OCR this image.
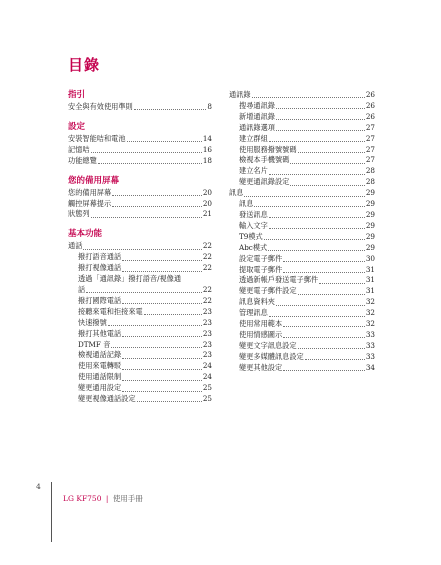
目錄
指引
安全與有效使用準則	8
設定
安裝智能咭和電池	14
記憶咭	16
功能總覽	18
您的備用屏幕
您的備用屏幕	20
觸控屏幕提示	20
狀態列	21
基本功能
通話	22
撥打語音通話	22
撥打視像通話	22
透過「通訊錄」撥打語音/視像通
話	22
撥打國際電話	22
接聽來電和拒接來電	23
快速撥號	23
撥打其他電話	23
DTMF 音	23
檢視通話記錄	23
使用來電轉駁	24
使用通話限制	24
變更通用設定	25
變更視像通話設定	25
通訊錄	26
搜尋通訊錄	26
新增通訊錄	26
通訊錄選項	27
建立群組	27
使用服務撥號號碼	27
檢視本手機號碼	27
建立名片	28
變更通訊錄設定	28
訊息	29
訊息	29
發送訊息	29
輸入文字	29
T9模式	29
Abc模式	29
設定電子郵件	30
提取電子郵件	31
透過新帳戶發送電子郵件	31
變更電子郵件設定	31
訊息資料夾	32
管理訊息	32
使用常用範本	32
使用情感圖示	33
變更文字訊息設定	33
變更多媒體訊息設定	33
變更其他設定	34
4
LG KF750 | 使用手冊
